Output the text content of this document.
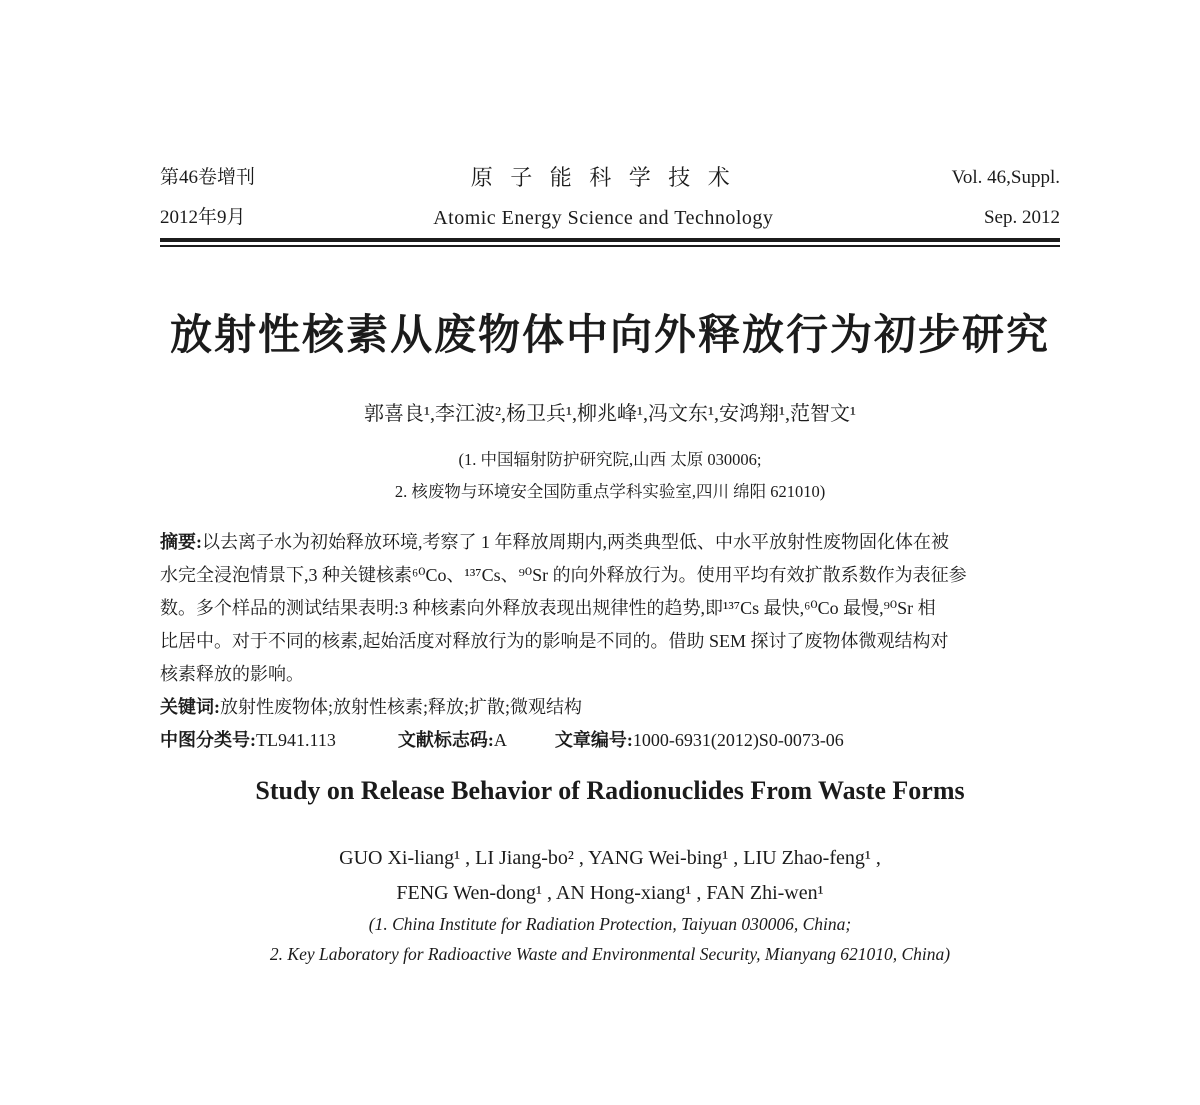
第46卷增刊
2012年9月
原 子 能 科 学 技 术
Atomic Energy Science and Technology
Vol. 46,Suppl.
Sep. 2012
放射性核素从废物体中向外释放行为初步研究
郭喜良¹,李江波²,杨卫兵¹,柳兆峰¹,冯文东¹,安鸿翔¹,范智文¹
(1. 中国辐射防护研究院,山西 太原 030006;
2. 核废物与环境安全国防重点学科实验室,四川 绵阳 621010)
摘要:以去离子水为初始释放环境,考察了 1 年释放周期内,两类典型低、中水平放射性废物固化体在被
水完全浸泡情景下,3 种关键核素⁶⁰Co、¹³⁷Cs、⁹⁰Sr 的向外释放行为。使用平均有效扩散系数作为表征参
数。多个样品的测试结果表明:3 种核素向外释放表现出规律性的趋势,即¹³⁷Cs 最快,⁶⁰Co 最慢,⁹⁰Sr 相
比居中。对于不同的核素,起始活度对释放行为的影响是不同的。借助 SEM 探讨了废物体微观结构对
核素释放的影响。
关键词:放射性废物体;放射性核素;释放;扩散;微观结构
中图分类号:TL941.113	文献标志码:A	文章编号:1000-6931(2012)S0-0073-06
Study on Release Behavior of Radionuclides From Waste Forms
GUO Xi-liang¹ , LI Jiang-bo² , YANG Wei-bing¹ , LIU Zhao-feng¹ ,
FENG Wen-dong¹ , AN Hong-xiang¹ , FAN Zhi-wen¹
(1. China Institute for Radiation Protection, Taiyuan 030006, China;
2. Key Laboratory for Radioactive Waste and Environmental Security, Mianyang 621010, China)
